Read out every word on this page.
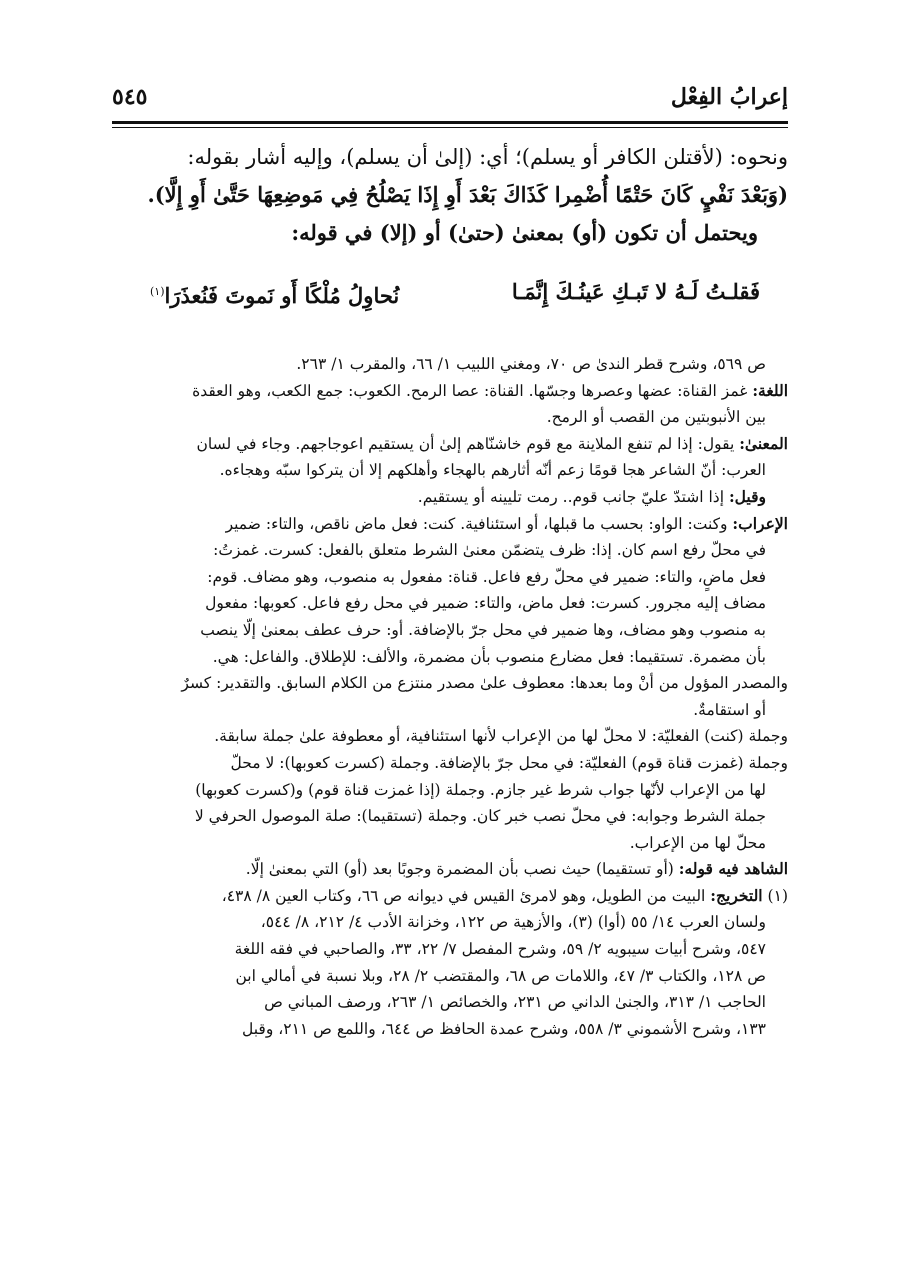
إعرابُ الفِعْل
٥٤٥

ونحوه: (لأقتلن الكافر أو يسلم)؛ أي: (إلىٰ أن يسلم)، وإليه أشار بقوله:

(وَبَعْدَ نَفْيٍ كَانَ حَتْمًا أُضْمِرا كَذَاكَ بَعْدَ أَوِ إِذَا يَصْلُحُ فِي مَوضِعِهَا حَتَّىٰ أَوِ إِلَّا).

ويحتمل أن تكون (أو) بمعنىٰ (حتىٰ) أو (إلا) في قوله:

فَقلـتُ لَـهُ لا تَبـكِ عَينُـكَ إِنَّمَـا
نُحاوِلُ مُلْكًا أَو نَموتَ فَنُعذَرَا$^{(١)}$

ص ٥٦٩، وشرح قطر الندىٰ ص ٧٠، ومغني اللبيب ١/ ٦٦، والمقرب ١/ ٢٦٣.

اللغة: غمز القناة: عضها وعصرها وجسّها. القناة: عصا الرمح. الكعوب: جمع الكعب، وهو العقدة

بين الأنبوبتين من القصب أو الرمح.

المعنىٰ: يقول: إذا لم تنفع الملاينة مع قوم خاشنّاهم إلىٰ أن يستقيم اعوجاجهم. وجاء في لسان

العرب: أنّ الشاعر هجا قومًا زعم أنّه أثارهم بالهجاء وأهلكهم إلا أن يتركوا سبّه وهجاءه.

وقيل: إذا اشتدّ عليّ جانب قوم.. رمت تليينه أو يستقيم.

الإعراب: وكنت: الواو: بحسب ما قبلها، أو استئنافية. كنت: فعل ماض ناقص، والتاء: ضمير

في محلّ رفع اسم كان. إذا: ظرف يتضمّن معنىٰ الشرط متعلق بالفعل: كسرت. غمزتُ:

فعل ماضٍ، والتاء: ضمير في محلّ رفع فاعل. قناة: مفعول به منصوب، وهو مضاف. قوم:

مضاف إليه مجرور. كسرت: فعل ماض، والتاء: ضمير في محل رفع فاعل. كعوبها: مفعول

به منصوب وهو مضاف، وها ضمير في محل جرّ بالإضافة. أو: حرف عطف بمعنىٰ إلّا ينصب

بأن مضمرة. تستقيما: فعل مضارع منصوب بأن مضمرة، والألف: للإطلاق. والفاعل: هي.

والمصدر المؤول من أنْ وما بعدها: معطوف علىٰ مصدر منتزع من الكلام السابق. والتقدير: كسرٌ

أو استقامةٌ.

وجملة (كنت) الفعليّة: لا محلّ لها من الإعراب لأنها استئنافية، أو معطوفة علىٰ جملة سابقة.

وجملة (غمزت قناة قوم) الفعليّة: في محل جرّ بالإضافة. وجملة (كسرت كعوبها): لا محلّ

لها من الإعراب لأنّها جواب شرط غير جازم. وجملة (إذا غمزت قناة قوم) و(كسرت كعوبها)

جملة الشرط وجوابه: في محلّ نصب خبر كان. وجملة (تستقيما): صلة الموصول الحرفي لا

محلّ لها من الإعراب.

الشاهد فيه قوله: (أو تستقيما) حيث نصب بأن المضمرة وجوبًا بعد (أو) التي بمعنىٰ إلّا.

(١) التخريج: البيت من الطويل، وهو لامرئ القيس في ديوانه ص ٦٦، وكتاب العين ٨/ ٤٣٨،

ولسان العرب ١٤/ ٥٥ (أوا) (٣)، والأزهية ص ١٢٢، وخزانة الأدب ٤/ ٢١٢، ٨/ ٥٤٤،

٥٤٧، وشرح أبيات سيبويه ٢/ ٥٩، وشرح المفصل ٧/ ٢٢، ٣٣، والصاحبي في فقه اللغة

ص ١٢٨، والكتاب ٣/ ٤٧، واللامات ص ٦٨، والمقتضب ٢/ ٢٨، وبلا نسبة في أمالي ابن

الحاجب ١/ ٣١٣، والجنىٰ الداني ص ٢٣١، والخصائص ١/ ٢٦٣، ورصف المباني ص

١٣٣، وشرح الأشموني ٣/ ٥٥٨، وشرح عمدة الحافظ ص ٦٤٤، واللمع ص ٢١١، وقبل
